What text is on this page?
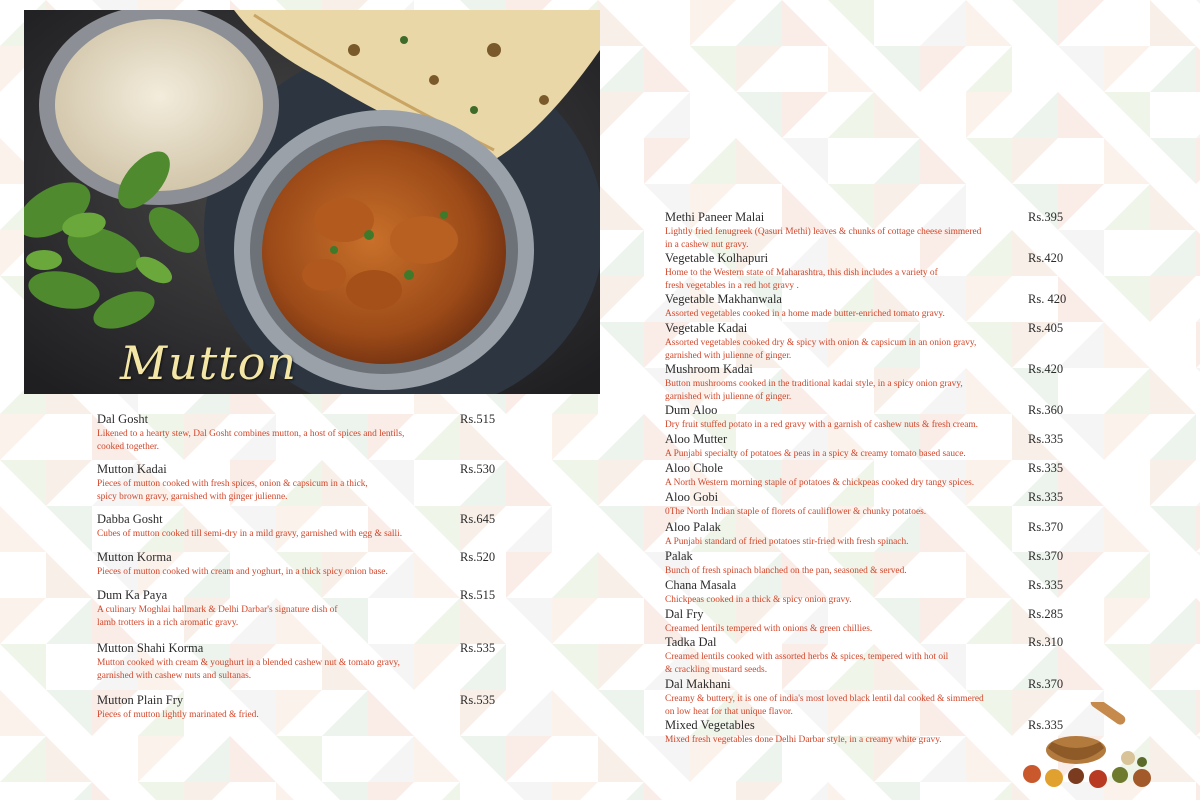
Mutton
Dal Gosht	Rs.515
Likened to a hearty stew, Dal Gosht combines mutton, a host of spices and lentils,
cooked together.
Mutton Kadai	Rs.530
Pieces of mutton cooked with fresh spices, onion & capsicum in a thick,
spicy brown gravy, garnished with ginger julienne.
Dabba Gosht	Rs.645
Cubes of mutton cooked till semi-dry in a mild gravy, garnished with egg & salli.
Mutton Korma	Rs.520
Pieces of mutton cooked with cream and yoghurt, in a thick spicy onion base.
Dum Ka Paya	Rs.515
A culinary Moghlai hallmark & Delhi Darbar's signature dish of
lamb trotters in a rich aromatic gravy.
Mutton Shahi Korma	Rs.535
Mutton cooked with cream & youghurt in a blended cashew nut & tomato gravy,
garnished with cashew nuts and sultanas.
Mutton Plain Fry	Rs.535
Pieces of mutton lightly marinated & fried.
Methi Paneer Malai	Rs.395
Lightly fried fenugreek (Qasuri Methi) leaves & chunks of cottage cheese simmered
in a cashew nut gravy.
Vegetable Kolhapuri	Rs.420
Home to the Western state of Maharashtra, this dish includes a variety of
fresh vegetables in a red hot gravy .
Vegetable Makhanwala	Rs. 420
Assorted vegetables cooked in a home made butter-enriched tomato gravy.
Vegetable Kadai	Rs.405
Assorted vegetables cooked dry & spicy with onion & capsicum in an onion gravy,
garnished with julienne of ginger.
Mushroom Kadai	Rs.420
Button mushrooms cooked in the traditional kadai style, in a spicy onion gravy,
garnished with julienne of ginger.
Dum Aloo	Rs.360
Dry fruit stuffed potato in a red gravy with a garnish of cashew nuts & fresh cream.
Aloo Mutter	Rs.335
A Punjabi specialty of potatoes & peas in a spicy & creamy tomato based sauce.
Aloo Chole	Rs.335
A North Western morning staple of potatoes & chickpeas cooked dry tangy spices.
Aloo Gobi	Rs.335
0The North Indian staple of florets of cauliflower & chunky potatoes.
Aloo Palak	Rs.370
A Punjabi standard of fried potatoes stir-fried with fresh spinach.
Palak	Rs.370
Bunch of fresh spinach blanched on the pan, seasoned & served.
Chana Masala	Rs.335
Chickpeas cooked in a thick & spicy onion gravy.
Dal Fry	Rs.285
Creamed lentils tempered with onions & green chillies.
Tadka Dal	Rs.310
Creamed lentils cooked with assorted herbs & spices, tempered with hot oil
& crackling mustard seeds.
Dal Makhani	Rs.370
Creamy & buttery, it is one of india's most loved black lentil dal cooked & simmered
on low heat for that unique flavor.
Mixed Vegetables	Rs.335
Mixed fresh vegetables done Delhi Darbar style, in a creamy white gravy.
